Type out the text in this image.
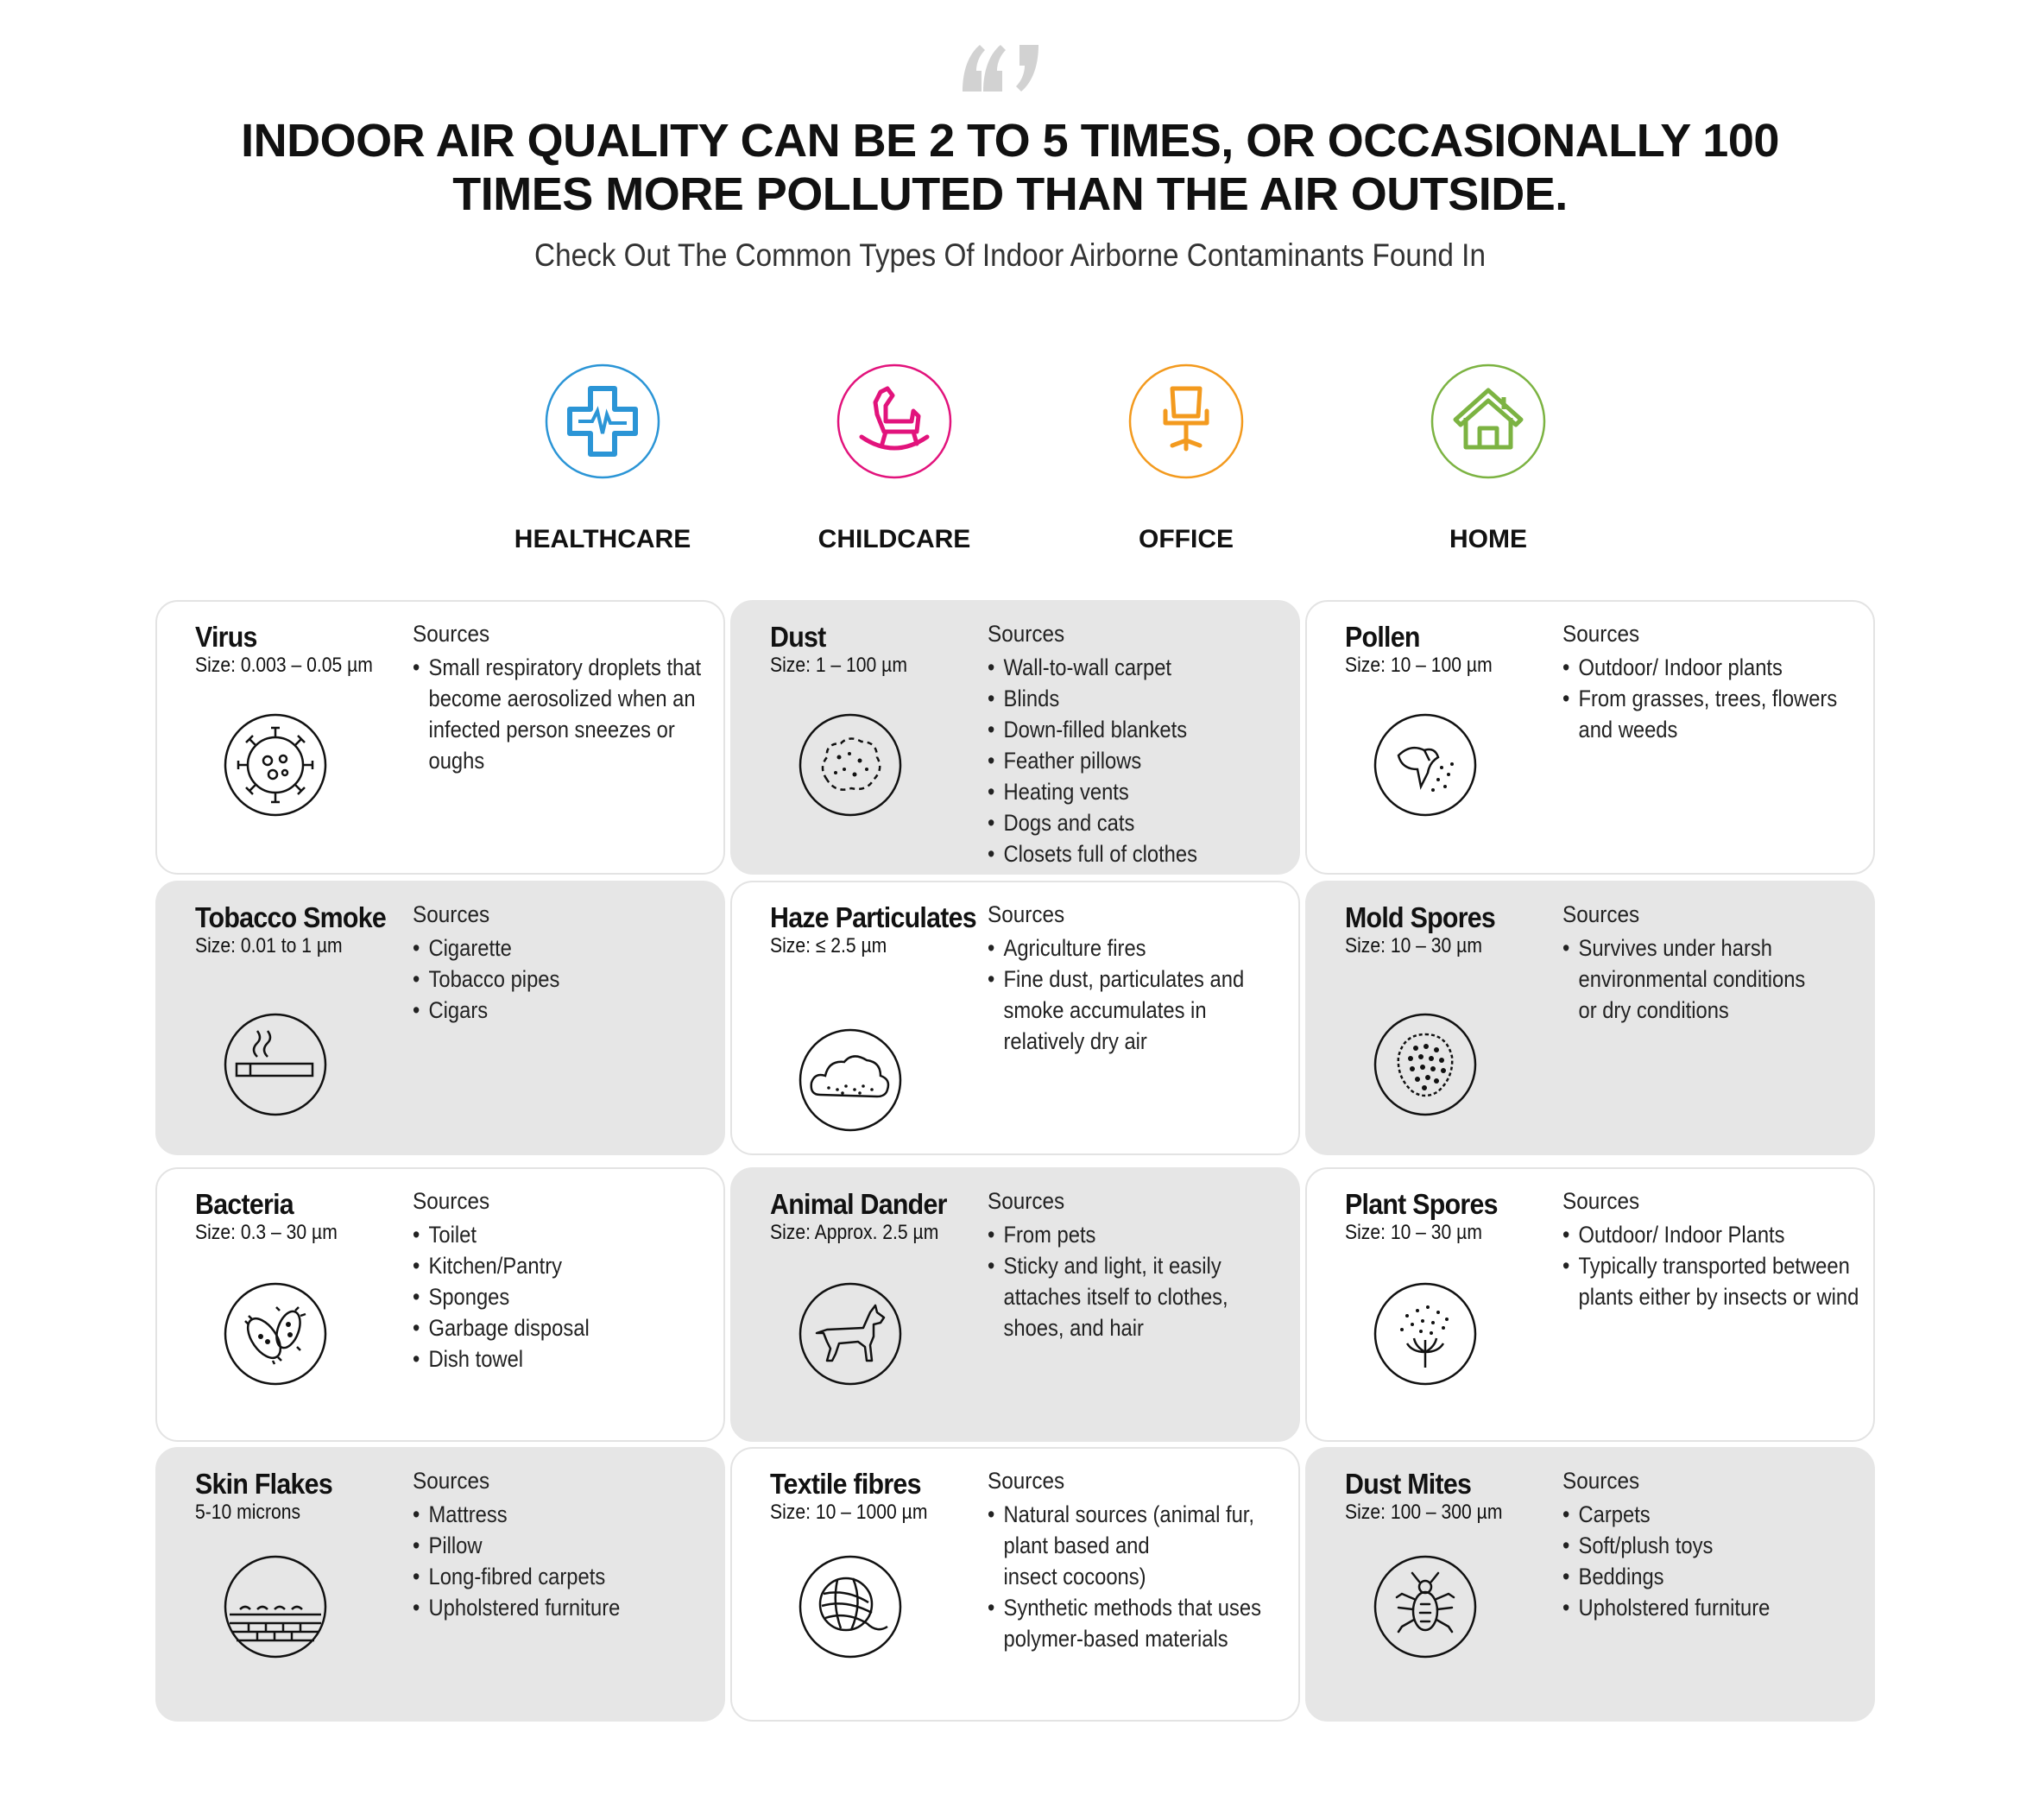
INDOOR AIR QUALITY CAN BE 2 TO 5 TIMES, OR OCCASIONALLY 100
TIMES MORE POLLUTED THAN THE AIR OUTSIDE.
Check Out The Common Types Of Indoor Airborne Contaminants Found In
HEALTHCARE	CHILDCARE	OFFICE	HOME
Virus
Size: 0.003 – 0.05 µm
Sources
• Small respiratory droplets that
become aerosolized when an
infected person sneezes or
oughs
Dust
Size: 1 – 100 µm
Sources
• Wall-to-wall carpet
• Blinds
• Down-filled blankets
• Feather pillows
• Heating vents
• Dogs and cats
• Closets full of clothes
Pollen
Size: 10 – 100 µm
Sources
• Outdoor/ Indoor plants
• From grasses, trees, flowers
and weeds
Tobacco Smoke
Size: 0.01 to 1 µm
Sources
• Cigarette
• Tobacco pipes
• Cigars
Haze Particulates
Size: ≤ 2.5 µm
Sources
• Agriculture fires
• Fine dust, particulates and
smoke accumulates in
relatively dry air
Mold Spores
Size: 10 – 30 µm
Sources
• Survives under harsh
environmental conditions
or dry conditions
Bacteria
Size: 0.3 – 30 µm
Sources
• Toilet
• Kitchen/Pantry
• Sponges
• Garbage disposal
• Dish towel
Animal Dander
Size: Approx. 2.5 µm
Sources
• From pets
• Sticky and light, it easily
attaches itself to clothes,
shoes, and hair
Plant Spores
Size: 10 – 30 µm
Sources
• Outdoor/ Indoor Plants
• Typically transported between
plants either by insects or wind
Skin Flakes
5-10 microns
Sources
• Mattress
• Pillow
• Long-fibred carpets
• Upholstered furniture
Textile fibres
Size: 10 – 1000 µm
Sources
• Natural sources (animal fur,
plant based and
insect cocoons)
• Synthetic methods that uses
polymer-based materials
Dust Mites
Size: 100 – 300 µm
Sources
• Carpets
• Soft/plush toys
• Beddings
• Upholstered furniture
